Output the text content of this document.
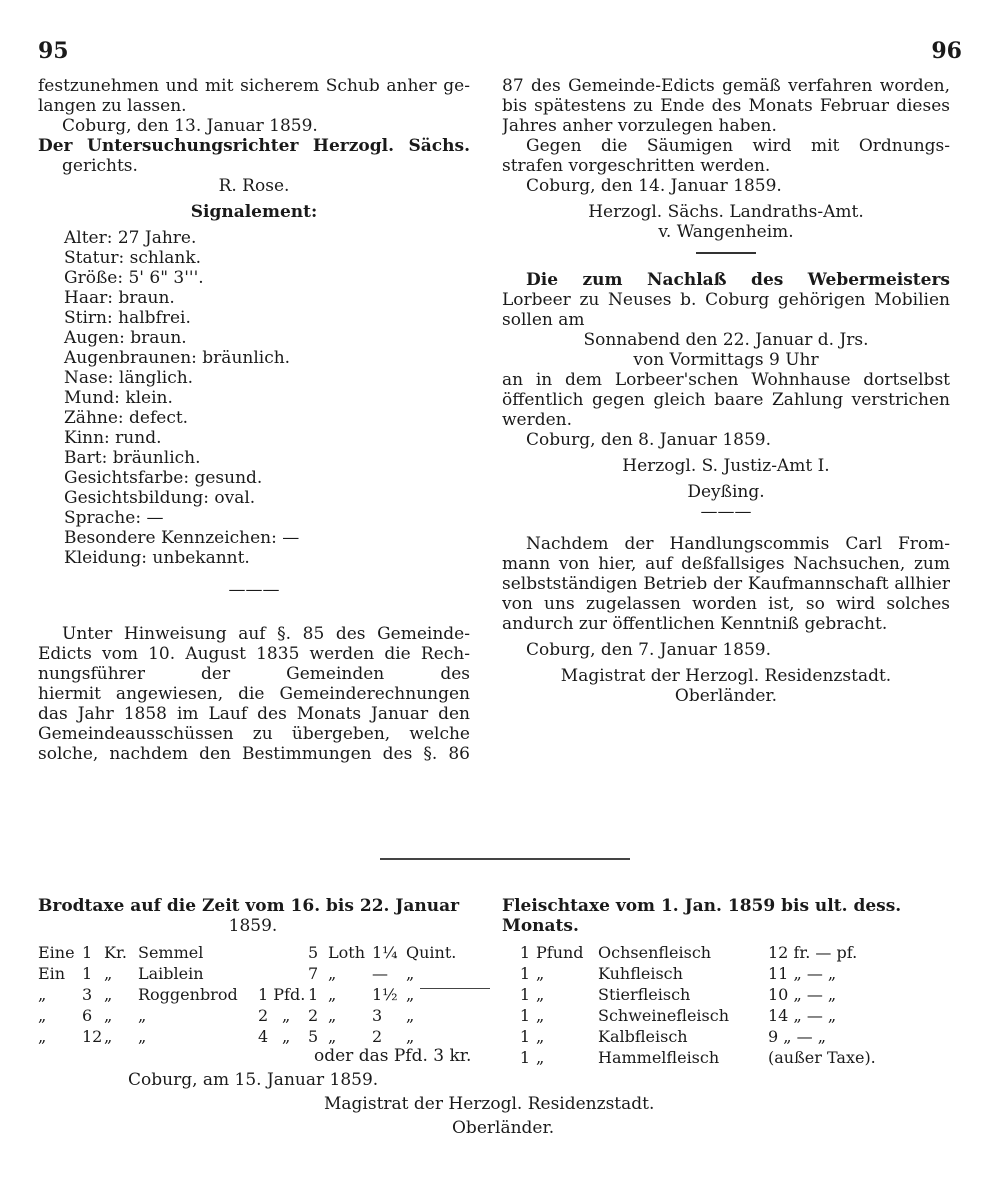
95	96
festzunehmen und mit sicherem Schub anher ge-
langen zu lassen.
Coburg, den 13. Januar 1859.
Der Untersuchungsrichter Herzogl. Sächs.
gerichts.
R. Rose.
Signalement:
Alter: 27 Jahre.
Statur: schlank.
Größe: 5' 6" 3'''.
Haar: braun.
Stirn: halbfrei.
Augen: braun.
Augenbraunen: bräunlich.
Nase: länglich.
Mund: klein.
Zähne: defect.
Kinn: rund.
Bart: bräunlich.
Gesichtsfarbe: gesund.
Gesichtsbildung: oval.
Sprache: —
Besondere Kennzeichen: —
Kleidung: unbekannt.
———
Unter Hinweisung auf §. 85 des Gemeinde-
Edicts vom 10. August 1835 werden die Rech-
nungsführer der Gemeinden des
hiermit angewiesen, die Gemeinderechnungen
das Jahr 1858 im Lauf des Monats Januar den
Gemeindeausschüssen zu übergeben, welche
solche, nachdem den Bestimmungen des §. 86
87 des Gemeinde-Edicts gemäß verfahren worden,
bis spätestens zu Ende des Monats Februar dieses
Jahres anher vorzulegen haben.
Gegen die Säumigen wird mit Ordnungs-
strafen vorgeschritten werden.
Coburg, den 14. Januar 1859.
Herzogl. Sächs. Landraths-Amt.
v. Wangenheim.
Die zum Nachlaß des Webermeisters
Lorbeer zu Neuses b. Coburg gehörigen Mobilien
sollen am
Sonnabend den 22. Januar d. Jrs.
von Vormittags 9 Uhr
an in dem Lorbeer'schen Wohnhause dortselbst
öffentlich gegen gleich baare Zahlung verstrichen
werden.
Coburg, den 8. Januar 1859.
Herzogl. S. Justiz-Amt I.
Deyßing.
———
Nachdem der Handlungscommis Carl From-
mann von hier, auf deßfallsiges Nachsuchen, zum
selbstständigen Betrieb der Kaufmannschaft allhier
von uns zugelassen worden ist, so wird solches
andurch zur öffentlichen Kenntniß gebracht.
Coburg, den 7. Januar 1859.
Magistrat der Herzogl. Residenzstadt.
Oberländer.
Brodtaxe auf die Zeit vom 16. bis 22. Januar
1859.
Eine 1 Kr. Semmel	5 Loth 1¼ Quint.
Ein	1 „	Laiblein	7 „	—	„
„	3 „	Roggenbrod	1 Pfd. 1 „	1½ „
„	6 „	„	2 „	2 „	3	„
„	12 „	„	4 „	5 „	2	„
Fleischtaxe vom 1. Jan. 1859 bis ult. dess. Monats.
1 Pfund Ochsenfleisch	12 fr. — pf.
1 „	Kuhfleisch	11 „ — „
1 „	Stierfleisch	10 „ — „
1 „	Schweinefleisch	14 „ — „
1 „	Kalbfleisch	9 „ — „
1 „	Hammelfleisch	(außer Taxe).
oder das Pfd. 3 kr.
Coburg, am 15. Januar 1859.
Magistrat der Herzogl. Residenzstadt.
Oberländer.
